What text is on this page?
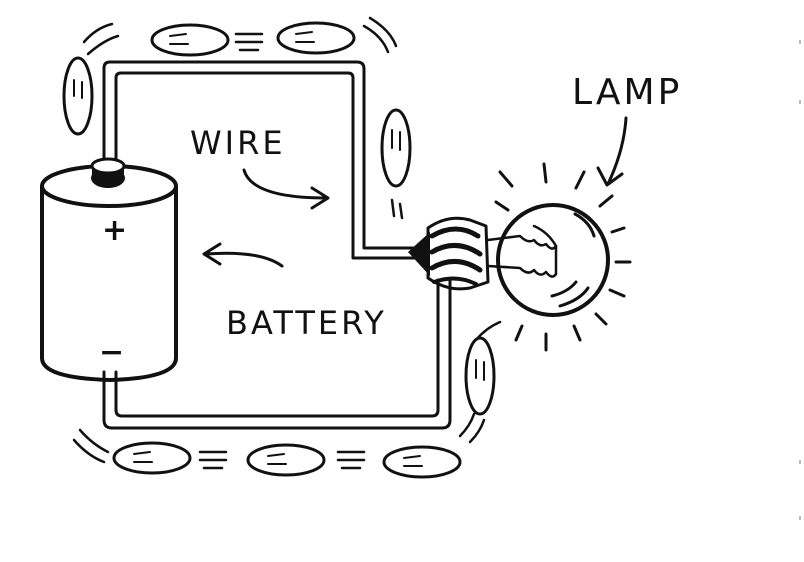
+
−
LAMP
WIRE
BATTERY
